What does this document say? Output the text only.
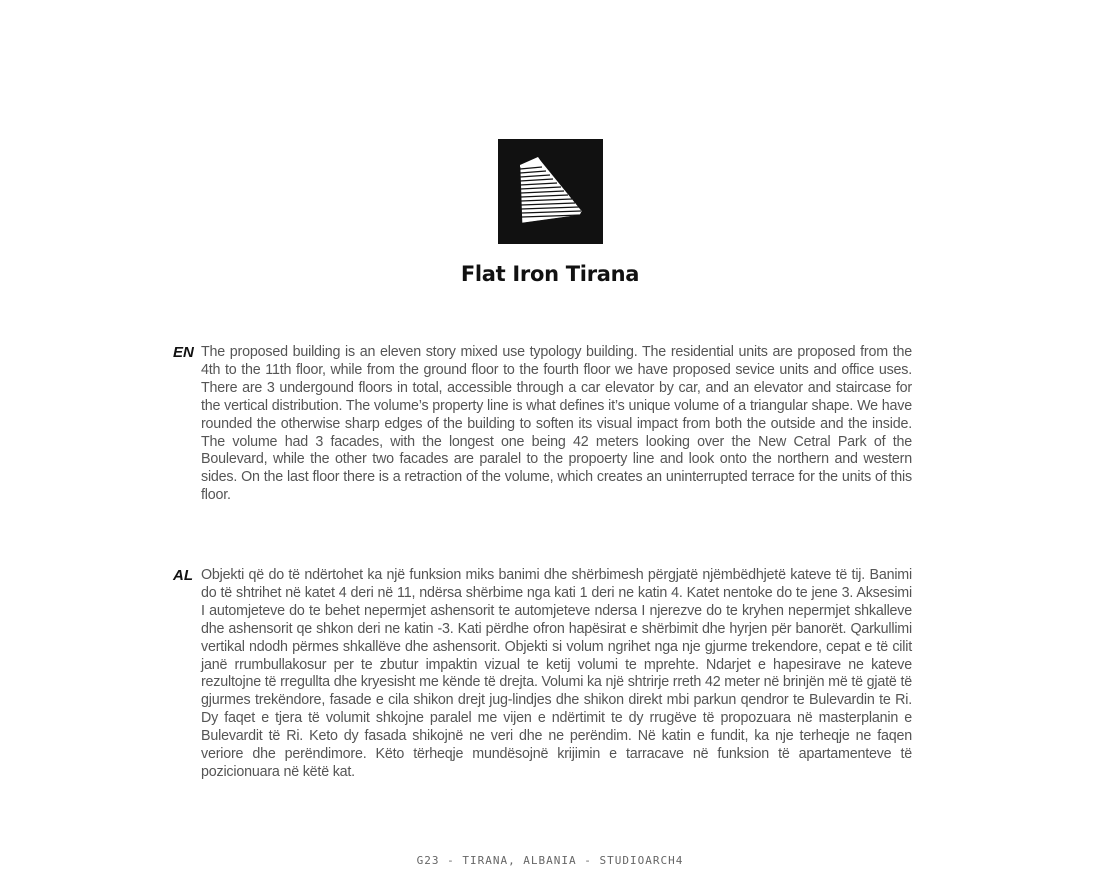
Flat Iron Tirana
EN The proposed building is an eleven story mixed use typology building. The residential units are proposed from the 4th to the 11th floor, while from the ground floor to the fourth floor we have proposed sevice units and office uses. There are 3 undergound floors in total, accessible through a car elevator by car, and an elevator and staircase for the vertical distribution. The volume’s property line is what defines it’s unique volume of a triangular shape. We have rounded the otherwise sharp edges of the building to soften its visual impact from both the outside and the inside. The volume had 3 facades, with the longest one being 42 meters looking over the New Cetral Park of the Boulevard, while the other two facades are paralel to the propoerty line and look onto the northern and western sides. On the last floor there is a retraction of the volume, which creates an uninterrupted terrace for the units of this floor.
AL Objekti që do të ndërtohet ka një funksion miks banimi dhe shërbimesh përgjatë njëmbëdhjetë kateve të tij. Banimi do të shtrihet në katet 4 deri në 11, ndërsa shërbime nga kati 1 deri ne katin 4. Katet nentoke do te jene 3. Aksesimi I automjeteve do te behet nepermjet ashensorit te automjeteve ndersa I njerezve do te kryhen nepermjet shkalleve dhe ashensorit qe shkon deri ne katin -3. Kati përdhe ofron hapësirat e shërbimit dhe hyrjen për banorët. Qarkullimi vertikal ndodh përmes shkallëve dhe ashensorit. Objekti si volum ngrihet nga nje gjurme trekendore, cepat e të cilit janë rrumbullakosur per te zbutur impaktin vizual te ketij volumi te mprehte. Ndarjet e hapesirave ne kateve rezultojne të rregullta dhe kryesisht me kënde të drejta. Volumi ka një shtrirje rreth 42 meter në brinjën më të gjatë të gjurmes trekëndore, fasade e cila shikon drejt jug-lindjes dhe shikon direkt mbi parkun qendror te Bulevardin te Ri. Dy faqet e tjera të volumit shkojne paralel me vijen e ndërtimit te dy rrugëve të propozuara në masterplanin e Bulevardit të Ri. Keto dy fasada shikojnë ne veri dhe ne perëndim. Në katin e fundit, ka nje terheqje ne faqen veriore dhe perëndimore. Këto tërheqje mundësojnë krijimin e tarracave në funksion të apartamenteve të pozicionuara në këtë kat.
G23 - TIRANA, ALBANIA - STUDIOARCH4
